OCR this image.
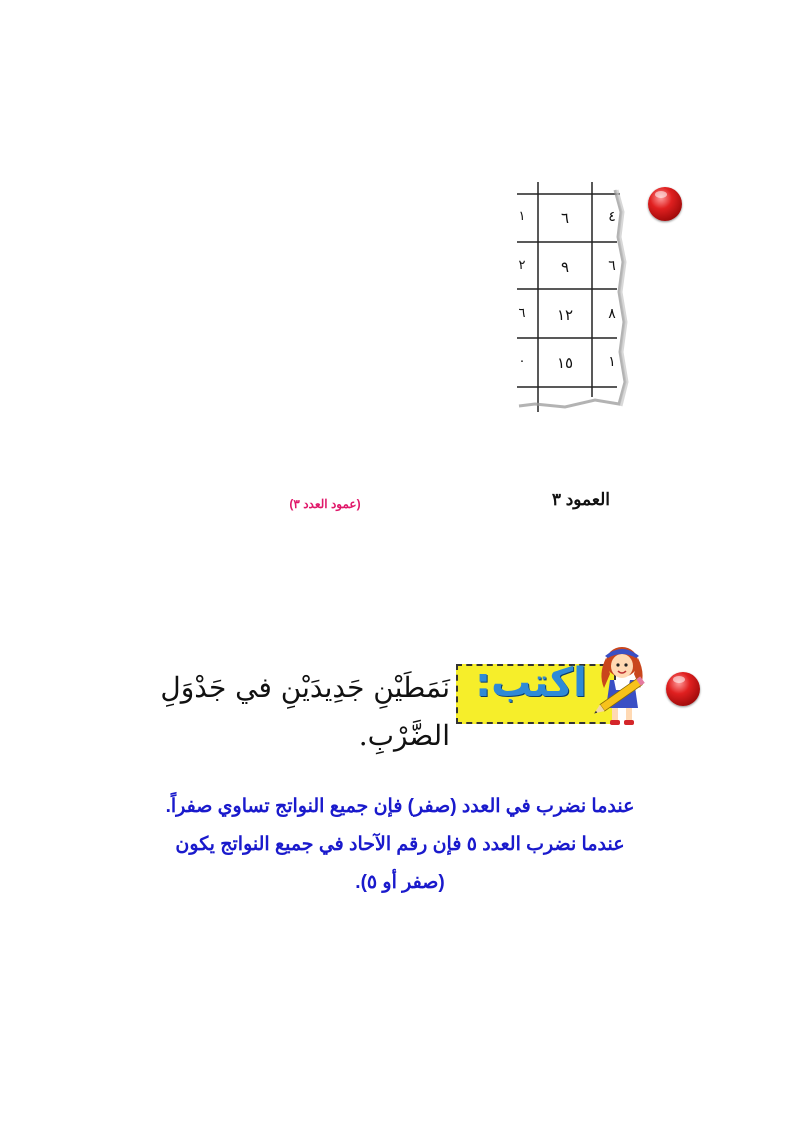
١	٦	٤
٢	٩	٦
٦	١٢	٨
٠	١٥	١
العمود ٣
(عمود العدد ٣)
اكتب:
نَمَطَيْنِ جَدِيدَيْنِ في جَدْوَلِ الضَّرْبِ.
عندما نضرب في العدد (صفر) فإن جميع النواتج تساوي صفراً.
عندما نضرب العدد ٥ فإن رقم الآحاد في جميع النواتج يكون
(صفر أو ٥).
